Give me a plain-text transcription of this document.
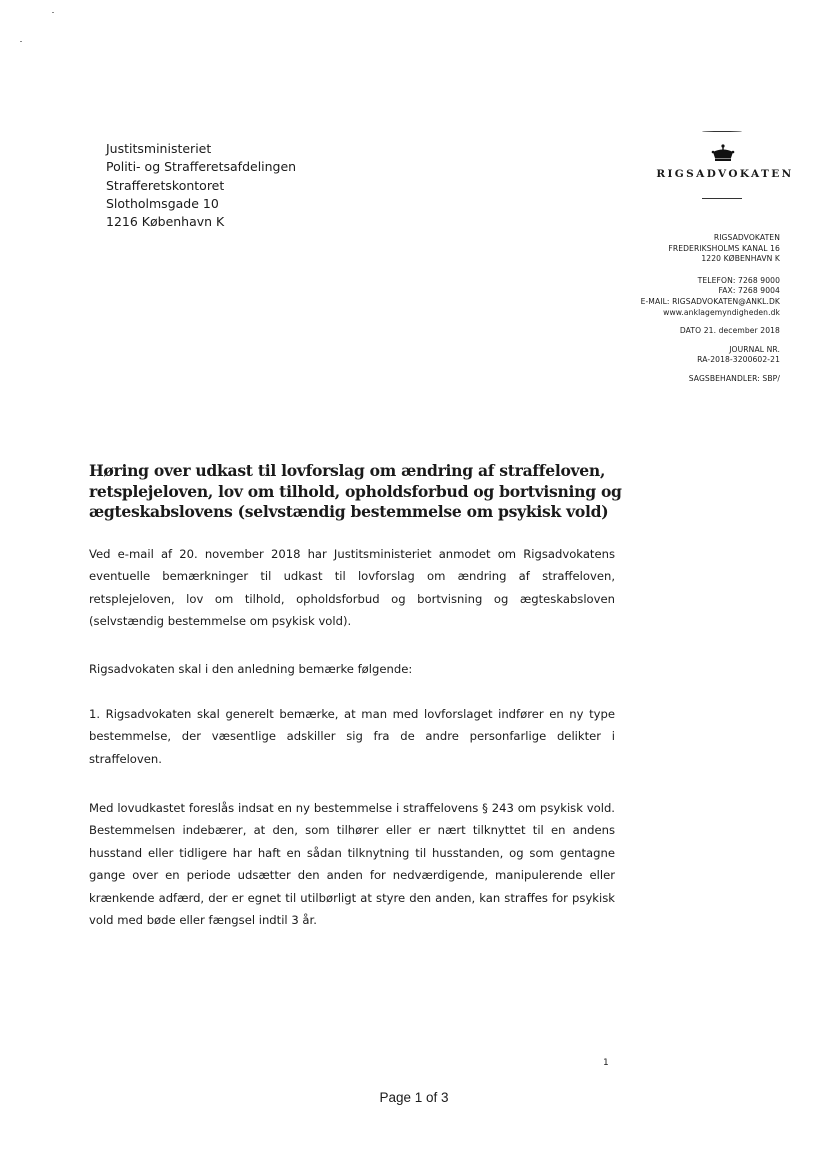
Justitsministeriet
Politi- og Strafferetsafdelingen
Strafferetskontoret
Slotholmsgade 10
1216 København K
RIGSADVOKATEN
RIGSADVOKATEN
FREDERIKSHOLMS KANAL 16
1220 KØBENHAVN K
TELEFON: 7268 9000
FAX: 7268 9004
E-MAIL: RIGSADVOKATEN@ANKL.DK
www.anklagemyndigheden.dk
DATO 21. december 2018
JOURNAL NR.
RA-2018-3200602-21
SAGSBEHANDLER: SBP/
Høring over udkast til lovforslag om ændring af straffeloven, retsplejeloven, lov om tilhold, opholdsforbud og bortvisning og ægteskabslovens (selvstændig bestemmelse om psykisk vold)
Ved e-mail af 20. november 2018 har Justitsministeriet anmodet om Rigsadvokatens eventuelle bemærkninger til udkast til lovforslag om ændring af straffeloven, retsplejeloven, lov om tilhold, opholdsforbud og bortvisning og ægteskabsloven (selvstændig bestemmelse om psykisk vold).
Rigsadvokaten skal i den anledning bemærke følgende:
1. Rigsadvokaten skal generelt bemærke, at man med lovforslaget indfører en ny type bestemmelse, der væsentlige adskiller sig fra de andre personfarlige delikter i straffeloven.
Med lovudkastet foreslås indsat en ny bestemmelse i straffelovens § 243 om psykisk vold. Bestemmelsen indebærer, at den, som tilhører eller er nært tilknyttet til en andens husstand eller tidligere har haft en sådan tilknytning til husstanden, og som gentagne gange over en periode udsætter den anden for nedværdigende, manipulerende eller krænkende adfærd, der er egnet til utilbørligt at styre den anden, kan straffes for psykisk vold med bøde eller fængsel indtil 3 år.
1
Page 1 of 3
